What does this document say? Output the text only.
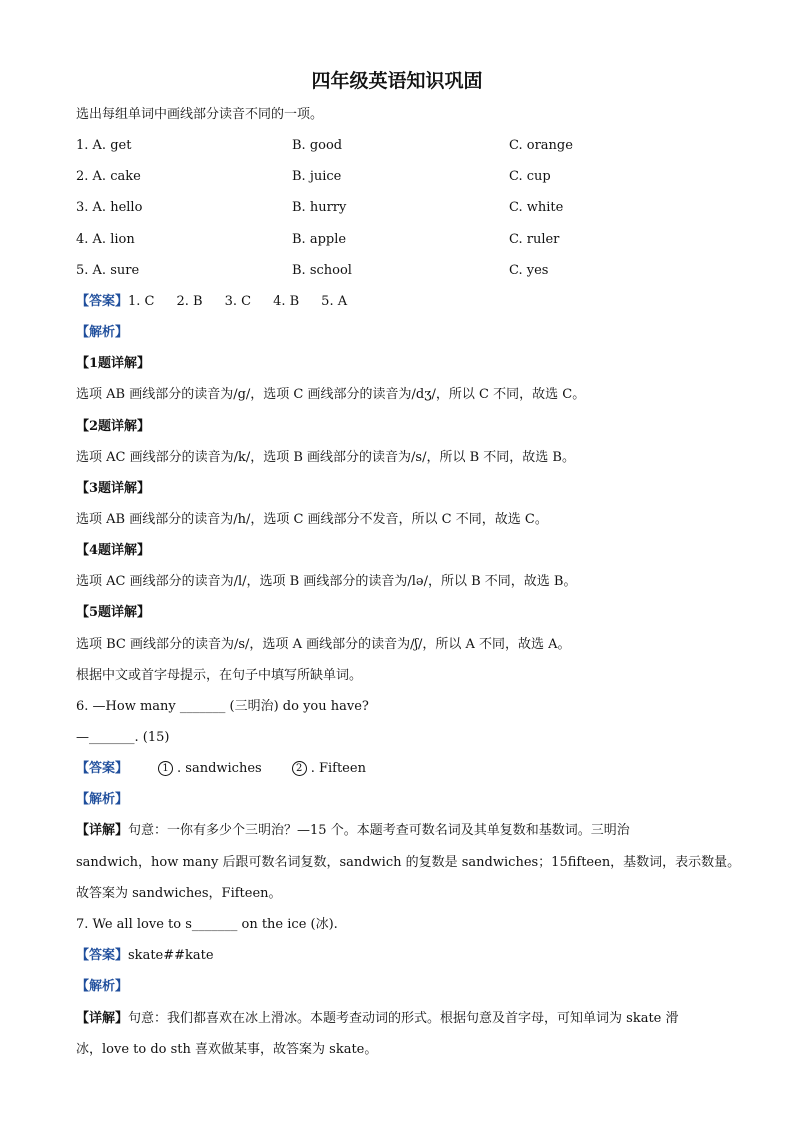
四年级英语知识巩固
选出每组单词中画线部分读音不同的一项。
1. A. get	B. good	C. orange
2. A. cake	B. juice	C. cup
3. A. hello	B. hurry	C. white
4. A. lion	B. apple	C. ruler
5. A. sure	B. school	C. yes
【答案】1. C 2. B 3. C 4. B 5. A
【解析】
【1题详解】
选项 AB 画线部分的读音为/g/，选项 C 画线部分的读音为/dʒ/，所以 C 不同，故选 C。
【2题详解】
选项 AC 画线部分的读音为/k/，选项 B 画线部分的读音为/s/，所以 B 不同，故选 B。
【3题详解】
选项 AB 画线部分的读音为/h/，选项 C 画线部分不发音，所以 C 不同，故选 C。
【4题详解】
选项 AC 画线部分的读音为/l/，选项 B 画线部分的读音为/lə/，所以 B 不同，故选 B。
【5题详解】
选项 BC 画线部分的读音为/s/，选项 A 画线部分的读音为/ʃ/，所以 A 不同，故选 A。
根据中文或首字母提示，在句子中填写所缺单词。
6. —How many _______ (三明治) do you have?
—_______. (15)
【答案】	1 . sandwiches	2 . Fifteen
【解析】
【详解】句意：一你有多少个三明治？—15 个。本题考查可数名词及其单复数和基数词。三明治
sandwich，how many 后跟可数名词复数，sandwich 的复数是 sandwiches；15fifteen，基数词，表示数量。
故答案为 sandwiches，Fifteen。
7. We all love to s_______ on the ice (冰).
【答案】skate##kate
【解析】
【详解】句意：我们都喜欢在冰上滑冰。本题考查动词的形式。根据句意及首字母，可知单词为 skate 滑
冰，love to do sth 喜欢做某事，故答案为 skate。
